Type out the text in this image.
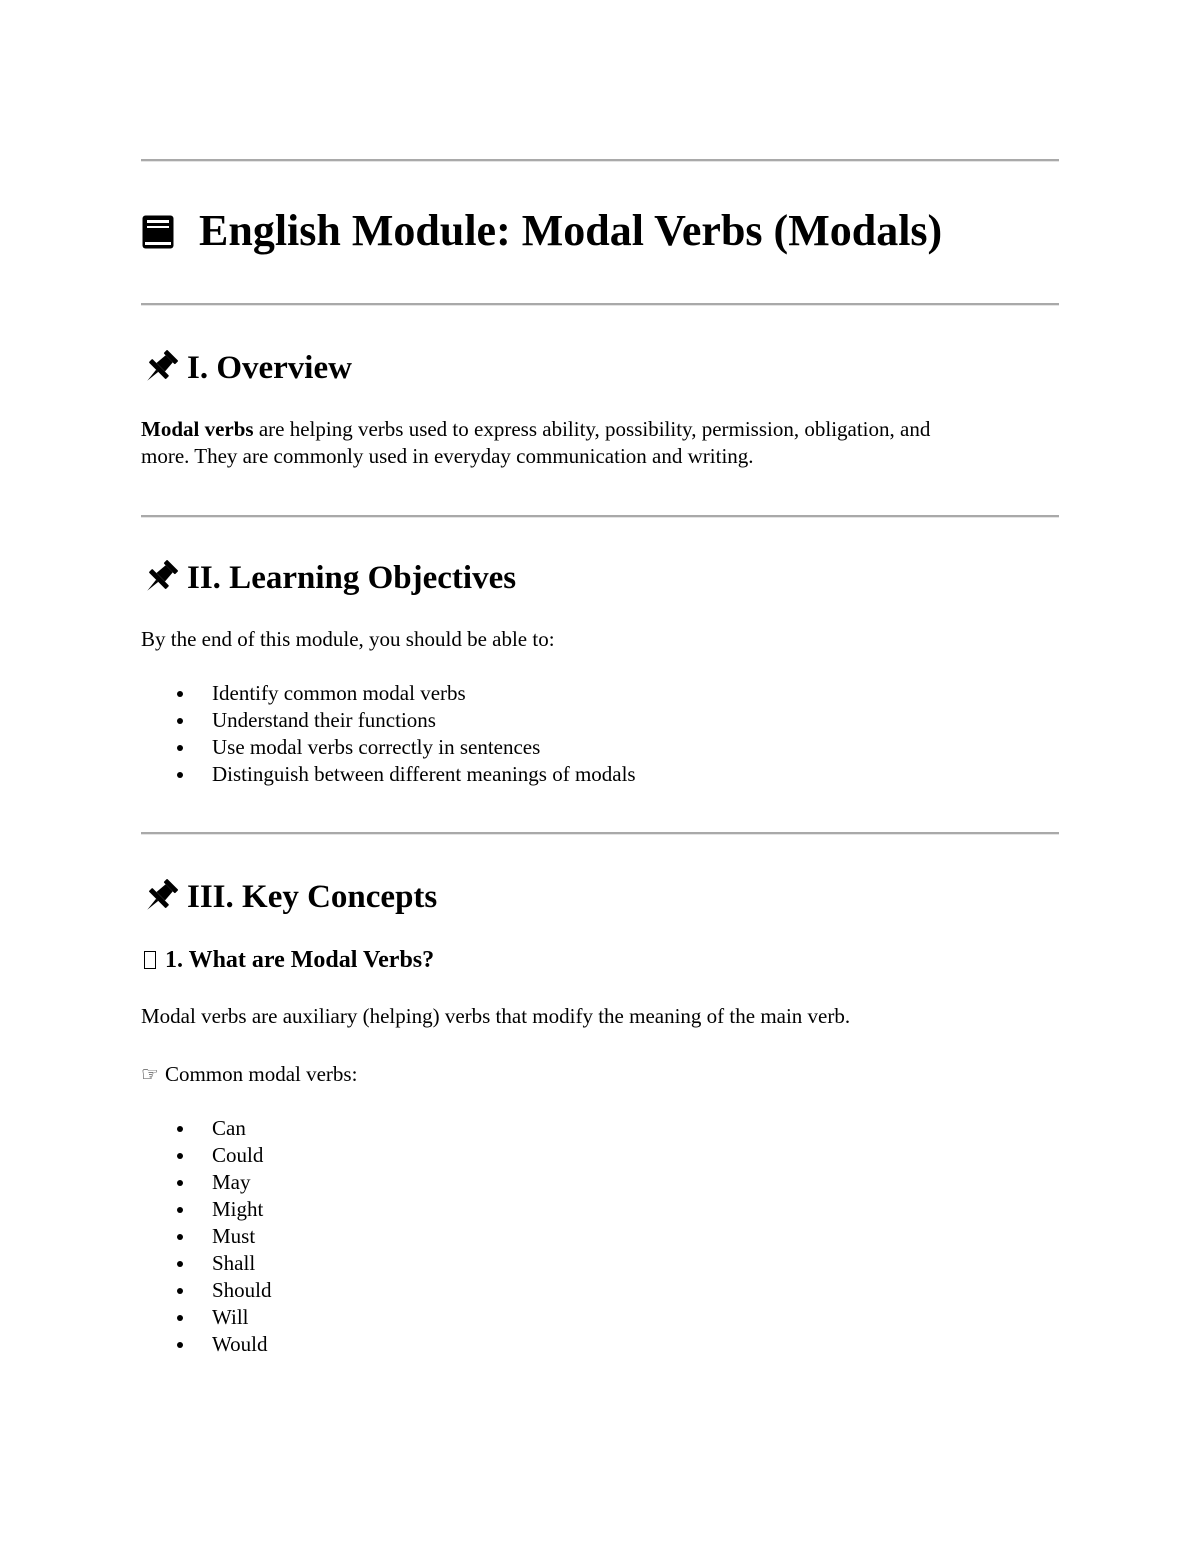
English Module: Modal Verbs (Modals)
I. Overview

Modal verbs are helping verbs used to express ability, possibility, permission, obligation, and
more. They are commonly used in everyday communication and writing.

II. Learning Objectives

By the end of this module, you should be able to:

Identify common modal verbs
Understand their functions
Use modal verbs correctly in sentences
Distinguish between different meanings of modals
III. Key Concepts
1. What are Modal Verbs?

Modal verbs are auxiliary (helping) verbs that modify the meaning of the main verb.

☞ Common modal verbs:

Can
Could
May
Might
Must
Shall
Should
Will
Would
